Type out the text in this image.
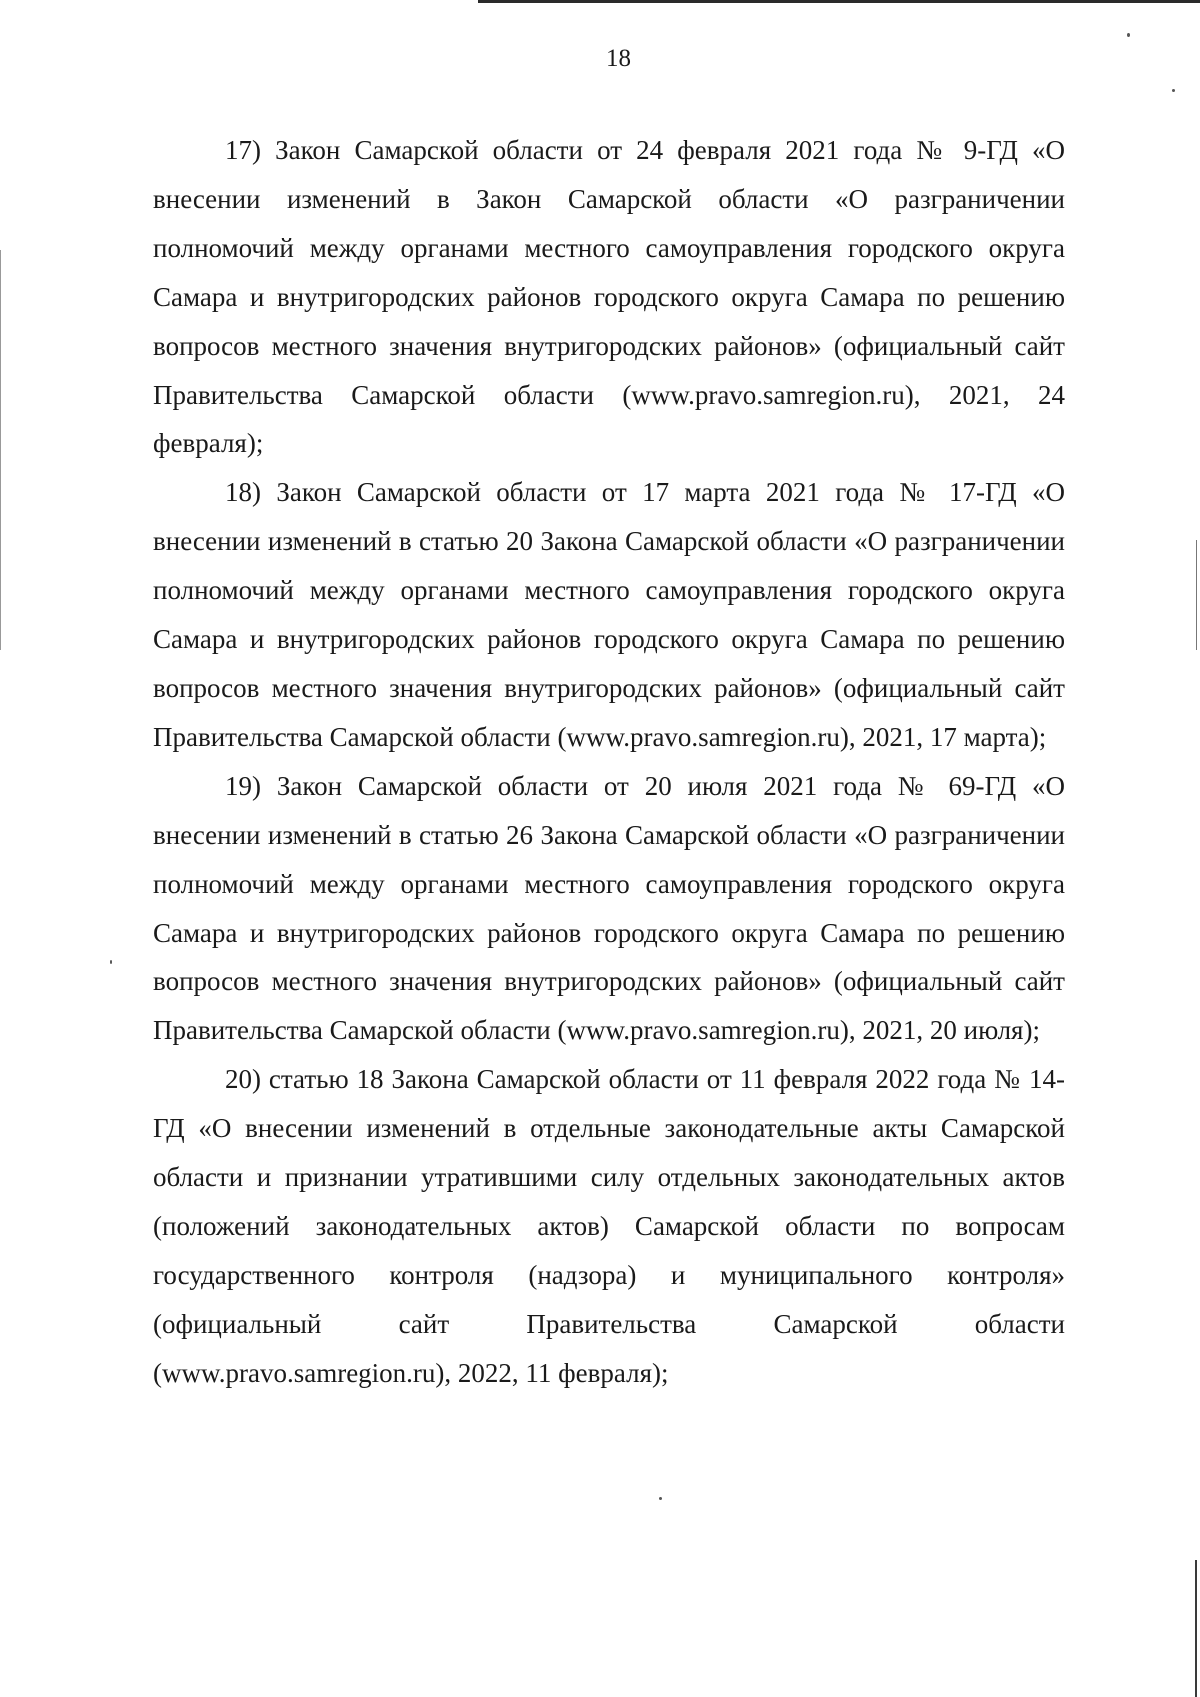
18

17) Закон Самарской области от 24 февраля 2021 года № 9-ГД «О внесении изменений в Закон Самарской области «О разграничении полномочий между органами местного самоуправления городского округа Самара и внутригородских районов городского округа Самара по решению вопросов местного значения внутригородских районов» (официальный сайт Правительства Самарской области (www.pravo.samregion.ru), 2021, 24 февраля);

18) Закон Самарской области от 17 марта 2021 года № 17-ГД «О внесении изменений в статью 20 Закона Самарской области «О разграничении полномочий между органами местного самоуправления городского округа Самара и внутригородских районов городского округа Самара по решению вопросов местного значения внутригородских районов» (официальный сайт Правительства Самарской области (www.pravo.samregion.ru), 2021, 17 марта);

19) Закон Самарской области от 20 июля 2021 года № 69-ГД «О внесении изменений в статью 26 Закона Самарской области «О разграничении полномочий между органами местного самоуправления городского округа Самара и внутригородских районов городского округа Самара по решению вопросов местного значения внутригородских районов» (официальный сайт Правительства Самарской области (www.pravo.samregion.ru), 2021, 20 июля);

20) статью 18 Закона Самарской области от 11 февраля 2022 года № 14-ГД «О внесении изменений в отдельные законодательные акты Самарской области и признании утратившими силу отдельных законодательных актов (положений законодательных актов) Самарской области по вопросам государственного контроля (надзора) и муниципального контроля» (официальный сайт Правительства Самарской области (www.pravo.samregion.ru), 2022, 11 февраля);
